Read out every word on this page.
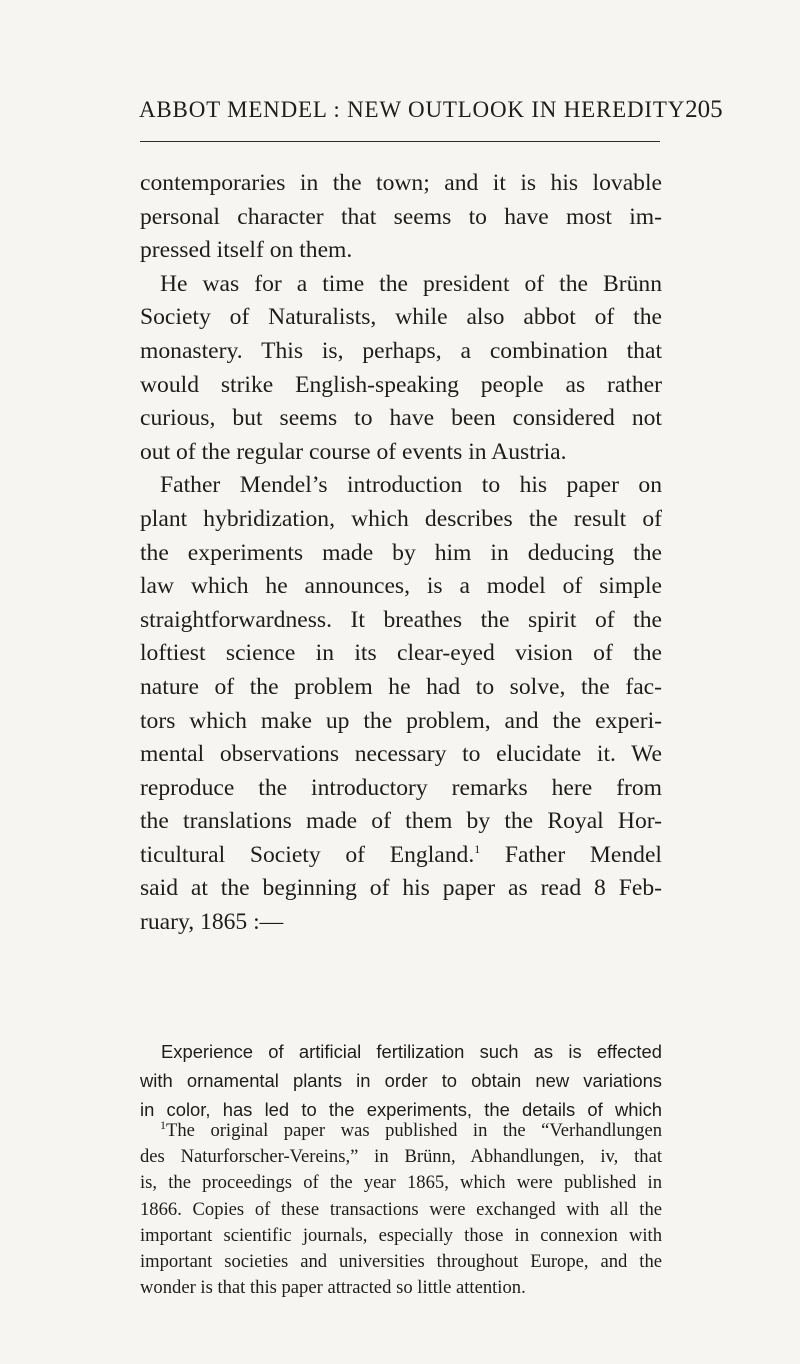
ABBOT MENDEL : NEW OUTLOOK IN HEREDITY 205
contemporaries in the town; and it is his lovable
personal character that seems to have most im-
pressed itself on them.
He was for a time the president of the Brünn
Society of Naturalists, while also abbot of the
monastery. This is, perhaps, a combination that
would strike English-speaking people as rather
curious, but seems to have been considered not
out of the regular course of events in Austria.
Father Mendel’s introduction to his paper on
plant hybridization, which describes the result of
the experiments made by him in deducing the
law which he announces, is a model of simple
straightforwardness. It breathes the spirit of the
loftiest science in its clear-eyed vision of the
nature of the problem he had to solve, the fac-
tors which make up the problem, and the experi-
mental observations necessary to elucidate it. We
reproduce the introductory remarks here from
the translations made of them by the Royal Hor-
ticultural Society of England.$^1$ Father Mendel
said at the beginning of his paper as read 8 Feb-
ruary, 1865 :—
Experience of artificial fertilization such as is effected
with ornamental plants in order to obtain new variations
in color, has led to the experiments, the details of which
$^1$The original paper was published in the “Verhandlungen
des Naturforscher-Vereins,” in Brünn, Abhandlungen, iv, that
is, the proceedings of the year 1865, which were published in
1866. Copies of these transactions were exchanged with all the
important scientific journals, especially those in connexion with
important societies and universities throughout Europe, and the
wonder is that this paper attracted so little attention.
